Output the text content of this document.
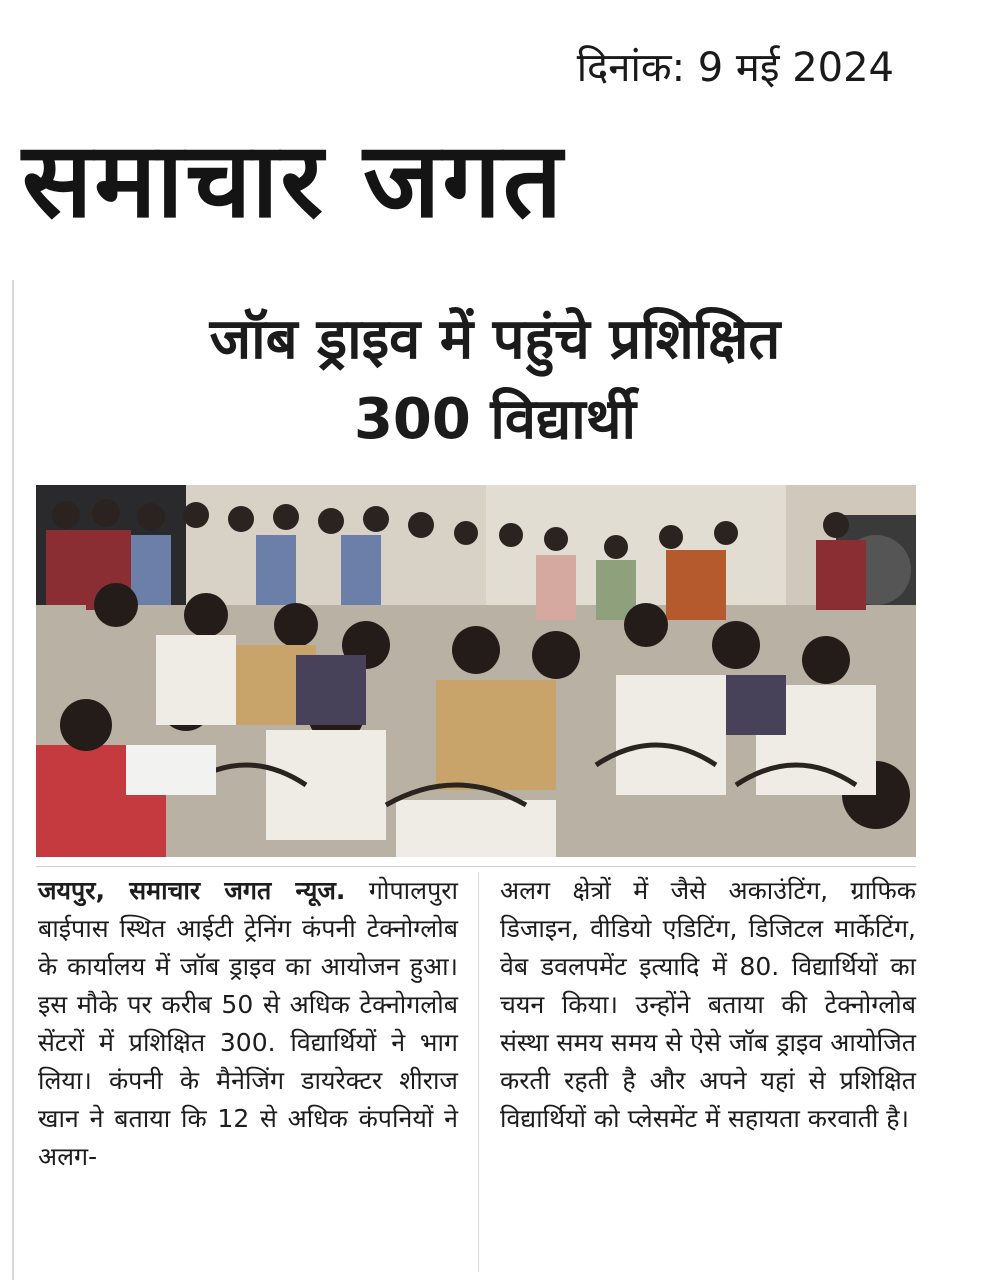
दिनांक: 9 मई 2024
समाचार जगत
जॉब ड्राइव में पहुंचे प्रशिक्षित
300 विद्यार्थी
जयपुर, समाचार जगत न्यूज. गोपालपुरा बाईपास स्थित आईटी ट्रेनिंग कंपनी टेक्नोग्लोब के कार्यालय में जॉब ड्राइव का आयोजन हुआ। इस मौके पर करीब 50 से अधिक टेक्नोगलोब सेंटरों में प्रशिक्षित 300. विद्यार्थियों ने भाग लिया। कंपनी के मैनेजिंग डायरेक्टर शीराज खान ने बताया कि 12 से अधिक कंपनियों ने अलग-
अलग क्षेत्रों में जैसे अकाउंटिंग, ग्राफिक डिजाइन, वीडियो एडिटिंग, डिजिटल मार्केटिंग, वेब डवलपमेंट इत्यादि में 80. विद्यार्थियों का चयन किया। उन्होंने बताया की टेक्नोग्लोब संस्था समय समय से ऐसे जॉब ड्राइव आयोजित करती रहती है और अपने यहां से प्रशिक्षित विद्यार्थियों को प्लेसमेंट में सहायता करवाती है।
